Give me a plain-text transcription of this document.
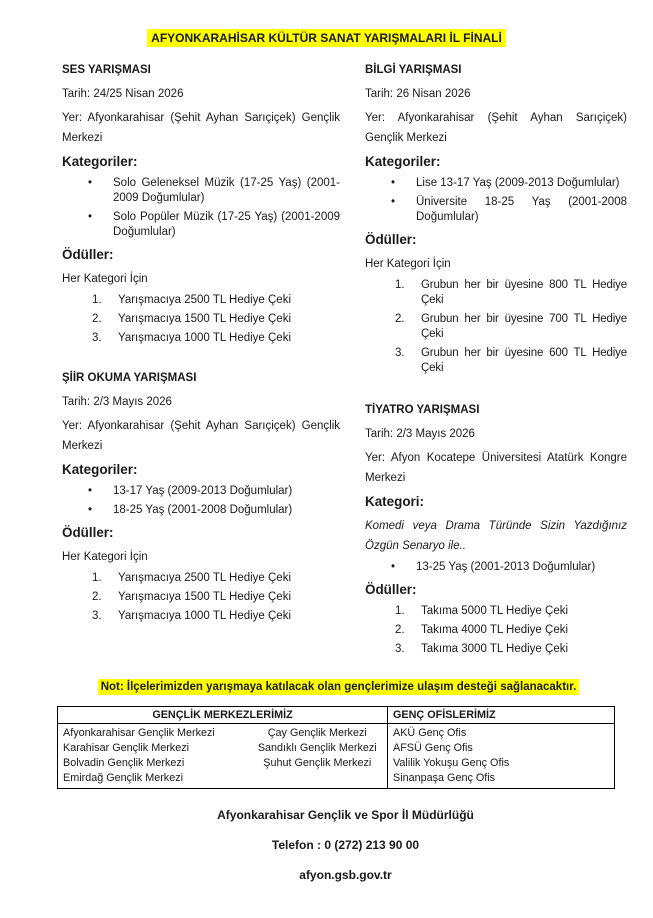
AFYONKARAHİSAR KÜLTÜR SANAT YARIŞMALARI İL FİNALİ
SES YARIŞMASI

Tarih: 24/25 Nisan 2026

Yer: Afyonkarahisar (Şehit Ayhan Sarıçiçek) Gençlik Merkezi

Kategoriler:
• Solo Geleneksel Müzik (17-25 Yaş) (2001-2009 Doğumlular)
• Solo Popüler Müzik (17-25 Yaş) (2001-2009 Doğumlular)
Ödüller:

Her Kategori İçin

Yarışmacıya 2500 TL Hediye Çeki
Yarışmacıya 1500 TL Hediye Çeki
Yarışmacıya 1000 TL Hediye Çeki
ŞİİR OKUMA YARIŞMASI

Tarih: 2/3 Mayıs 2026

Yer: Afyonkarahisar (Şehit Ayhan Sarıçiçek) Gençlik Merkezi

Kategoriler:
• 13-17 Yaş (2009-2013 Doğumlular)
• 18-25 Yaş (2001-2008 Doğumlular)
Ödüller:

Her Kategori İçin

Yarışmacıya 2500 TL Hediye Çeki
Yarışmacıya 1500 TL Hediye Çeki
Yarışmacıya 1000 TL Hediye Çeki
BİLGİ YARIŞMASI

Tarih: 26 Nisan 2026

Yer: Afyonkarahisar (Şehit Ayhan Sarıçiçek) Gençlik Merkezi

Kategoriler:
• Lise 13-17 Yaş (2009-2013 Doğumlular)
• Üniversite 18-25 Yaş (2001-2008 Doğumlular)
Ödüller:

Her Kategori İçin

Grubun her bir üyesine 800 TL Hediye Çeki
Grubun her bir üyesine 700 TL Hediye Çeki
Grubun her bir üyesine 600 TL Hediye Çeki
TİYATRO YARIŞMASI

Tarih: 2/3 Mayıs 2026

Yer: Afyon Kocatepe Üniversitesi Atatürk Kongre Merkezi

Kategori:

Komedi veya Drama Türünde Sizin Yazdığınız Özgün Senaryo ile..

• 13-25 Yaş (2001-2013 Doğumlular)
Ödüller:
Takıma 5000 TL Hediye Çeki
Takıma 4000 TL Hediye Çeki
Takıma 3000 TL Hediye Çeki
Not: İlçelerimizden yarışmaya katılacak olan gençlerimize ulaşım desteği sağlanacaktır.
GENÇLİK MERKEZLERİMİZ		GENÇ OFİSLERİMİZ
Afyonkarahisar Gençlik Merkezi	Çay Gençlik Merkezi	AKÜ Genç Ofis
Karahisar Gençlik Merkezi	Sandıklı Gençlik Merkezi	AFSÜ Genç Ofis
Bolvadin Gençlik Merkezi	Şuhut Gençlik Merkezi	Valilik Yokuşu Genç Ofis
Emirdağ Gençlik Merkezi		Sinanpaşa Genç Ofis

Afyonkarahisar Gençlik ve Spor İl Müdürlüğü

Telefon : 0 (272) 213 90 00

afyon.gsb.gov.tr
